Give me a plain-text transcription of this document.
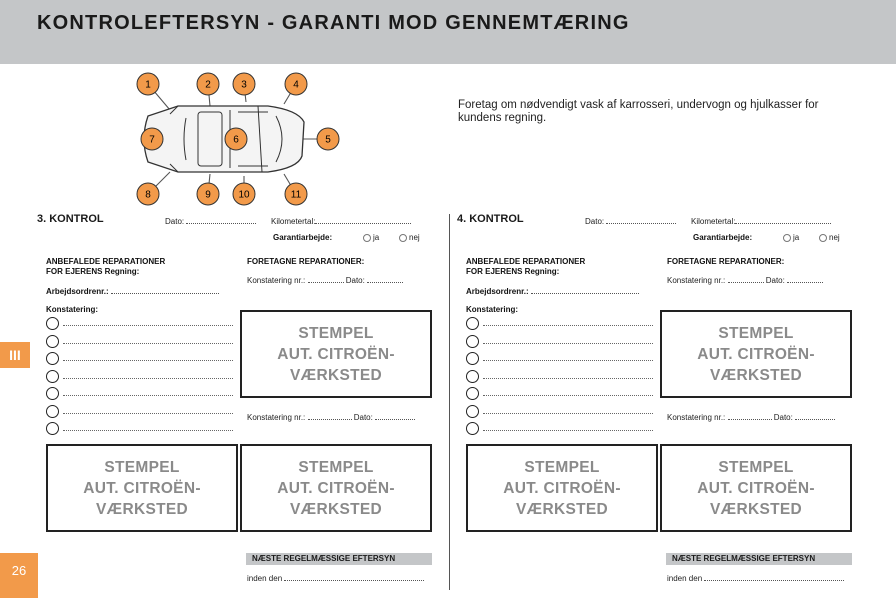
KONTROLEFTERSYN - GARANTI MOD GENNEMTÆRING
1	2	3	4
5
6
7
8	9	10	11

Foretag om nødvendigt vask af karrosseri, undervogn og hjulkasser for kundens regning.

III
26
3. KONTROL	Dato:	Kilometertal:
Garantiarbejde:	ja	nej
ANBEFALEDE REPARATIONER
FOR EJERENS Regning:
Arbejdsordrenr.:
Konstatering:
FORETAGNE REPARATIONER:
Konstatering nr.:	Dato:
STEMPEL
AUT. CITROËN-
VÆRKSTED
Konstatering nr.:	Dato:
STEMPEL
AUT. CITROËN-
VÆRKSTED
STEMPEL
AUT. CITROËN-
VÆRKSTED
NÆSTE REGELMÆSSIGE EFTERSYN
inden den
4. KONTROL	Dato:	Kilometertal:
Garantiarbejde:	ja	nej
ANBEFALEDE REPARATIONER
FOR EJERENS Regning:
Arbejdsordrenr.:
Konstatering:
FORETAGNE REPARATIONER:
Konstatering nr.:	Dato:
STEMPEL
AUT. CITROËN-
VÆRKSTED
Konstatering nr.:	Dato:
STEMPEL
AUT. CITROËN-
VÆRKSTED
STEMPEL
AUT. CITROËN-
VÆRKSTED
NÆSTE REGELMÆSSIGE EFTERSYN
inden den
